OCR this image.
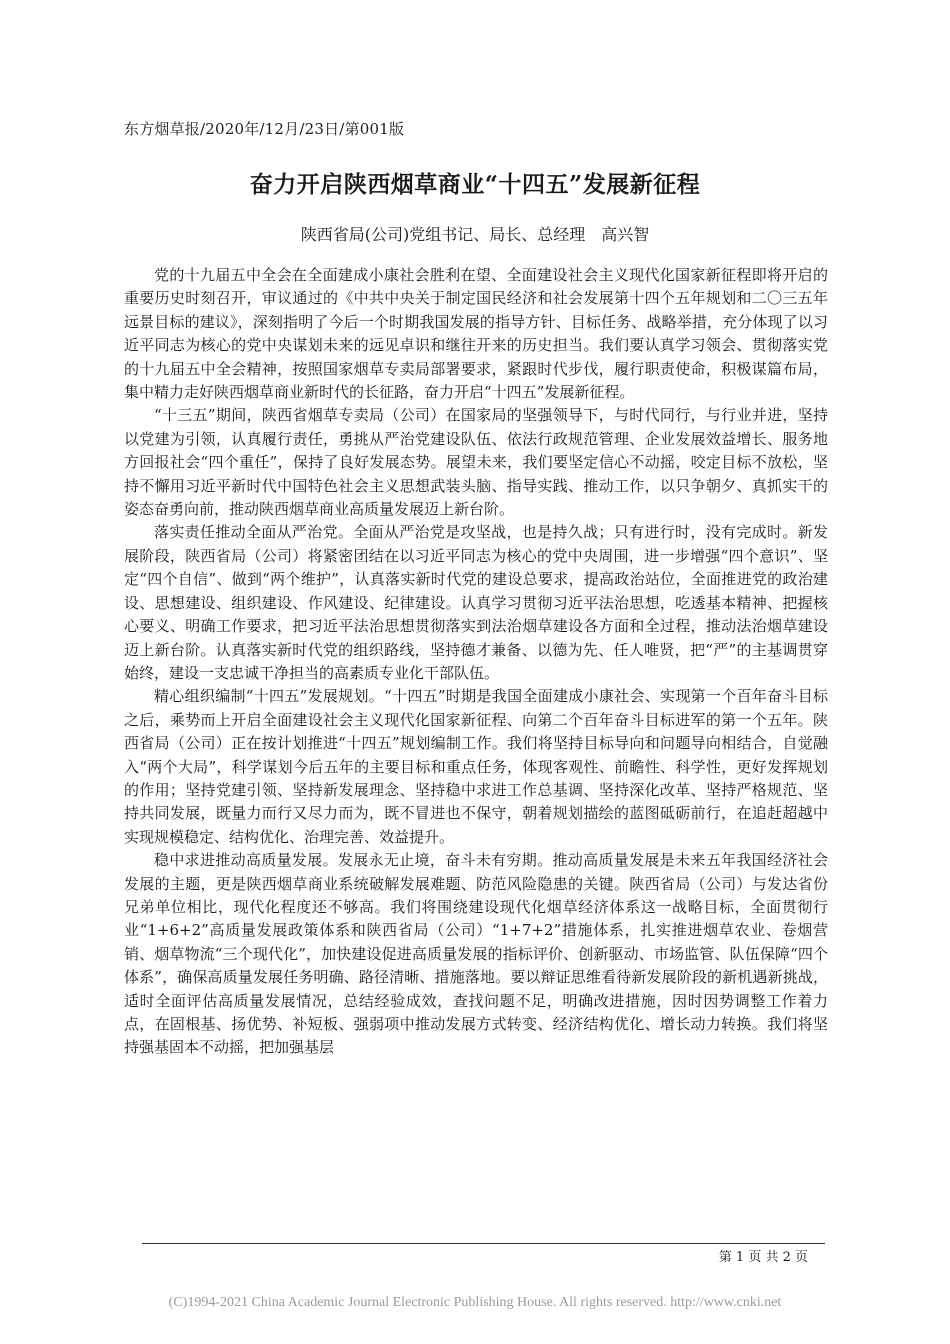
东方烟草报/2020年/12月/23日/第001版
奋力开启陕西烟草商业“十四五”发展新征程
陕西省局(公司)党组书记、局长、总经理　高兴智

党的十九届五中全会在全面建成小康社会胜利在望、全面建设社会主义现代化国家新征程即将开启的重要历史时刻召开，审议通过的《中共中央关于制定国民经济和社会发展第十四个五年规划和二〇三五年远景目标的建议》，深刻指明了今后一个时期我国发展的指导方针、目标任务、战略举措，充分体现了以习近平同志为核心的党中央谋划未来的远见卓识和继往开来的历史担当。我们要认真学习领会、贯彻落实党的十九届五中全会精神，按照国家烟草专卖局部署要求，紧跟时代步伐，履行职责使命，积极谋篇布局，集中精力走好陕西烟草商业新时代的长征路，奋力开启“十四五”发展新征程。

“十三五”期间，陕西省烟草专卖局（公司）在国家局的坚强领导下，与时代同行，与行业并进，坚持以党建为引领，认真履行责任，勇挑从严治党建设队伍、依法行政规范管理、企业发展效益增长、服务地方回报社会“四个重任”，保持了良好发展态势。展望未来，我们要坚定信心不动摇，咬定目标不放松，坚持不懈用习近平新时代中国特色社会主义思想武装头脑、指导实践、推动工作，以只争朝夕、真抓实干的姿态奋勇向前，推动陕西烟草商业高质量发展迈上新台阶。

落实责任推动全面从严治党。全面从严治党是攻坚战，也是持久战；只有进行时，没有完成时。新发展阶段，陕西省局（公司）将紧密团结在以习近平同志为核心的党中央周围，进一步增强“四个意识”、坚定“四个自信”、做到“两个维护”，认真落实新时代党的建设总要求，提高政治站位，全面推进党的政治建设、思想建设、组织建设、作风建设、纪律建设。认真学习贯彻习近平法治思想，吃透基本精神、把握核心要义、明确工作要求，把习近平法治思想贯彻落实到法治烟草建设各方面和全过程，推动法治烟草建设迈上新台阶。认真落实新时代党的组织路线，坚持德才兼备、以德为先、任人唯贤，把“严”的主基调贯穿始终，建设一支忠诚干净担当的高素质专业化干部队伍。

精心组织编制“十四五”发展规划。“十四五”时期是我国全面建成小康社会、实现第一个百年奋斗目标之后，乘势而上开启全面建设社会主义现代化国家新征程、向第二个百年奋斗目标进军的第一个五年。陕西省局（公司）正在按计划推进“十四五”规划编制工作。我们将坚持目标导向和问题导向相结合，自觉融入“两个大局”，科学谋划今后五年的主要目标和重点任务，体现客观性、前瞻性、科学性，更好发挥规划的作用；坚持党建引领、坚持新发展理念、坚持稳中求进工作总基调、坚持深化改革、坚持严格规范、坚持共同发展，既量力而行又尽力而为，既不冒进也不保守，朝着规划描绘的蓝图砥砺前行，在追赶超越中实现规模稳定、结构优化、治理完善、效益提升。

稳中求进推动高质量发展。发展永无止境，奋斗未有穷期。推动高质量发展是未来五年我国经济社会发展的主题，更是陕西烟草商业系统破解发展难题、防范风险隐患的关键。陕西省局（公司）与发达省份兄弟单位相比，现代化程度还不够高。我们将围绕建设现代化烟草经济体系这一战略目标，全面贯彻行业“1+6+2”高质量发展政策体系和陕西省局（公司）“1+7+2”措施体系，扎实推进烟草农业、卷烟营销、烟草物流“三个现代化”，加快建设促进高质量发展的指标评价、创新驱动、市场监管、队伍保障“四个体系”，确保高质量发展任务明确、路径清晰、措施落地。要以辩证思维看待新发展阶段的新机遇新挑战，适时全面评估高质量发展情况，总结经验成效，查找问题不足，明确改进措施，因时因势调整工作着力点，在固根基、扬优势、补短板、强弱项中推动发展方式转变、经济结构优化、增长动力转换。我们将坚持强基固本不动摇，把加强基层

第 1 页 共 2 页
(C)1994-2021 China Academic Journal Electronic Publishing House. All rights reserved. http://www.cnki.net
